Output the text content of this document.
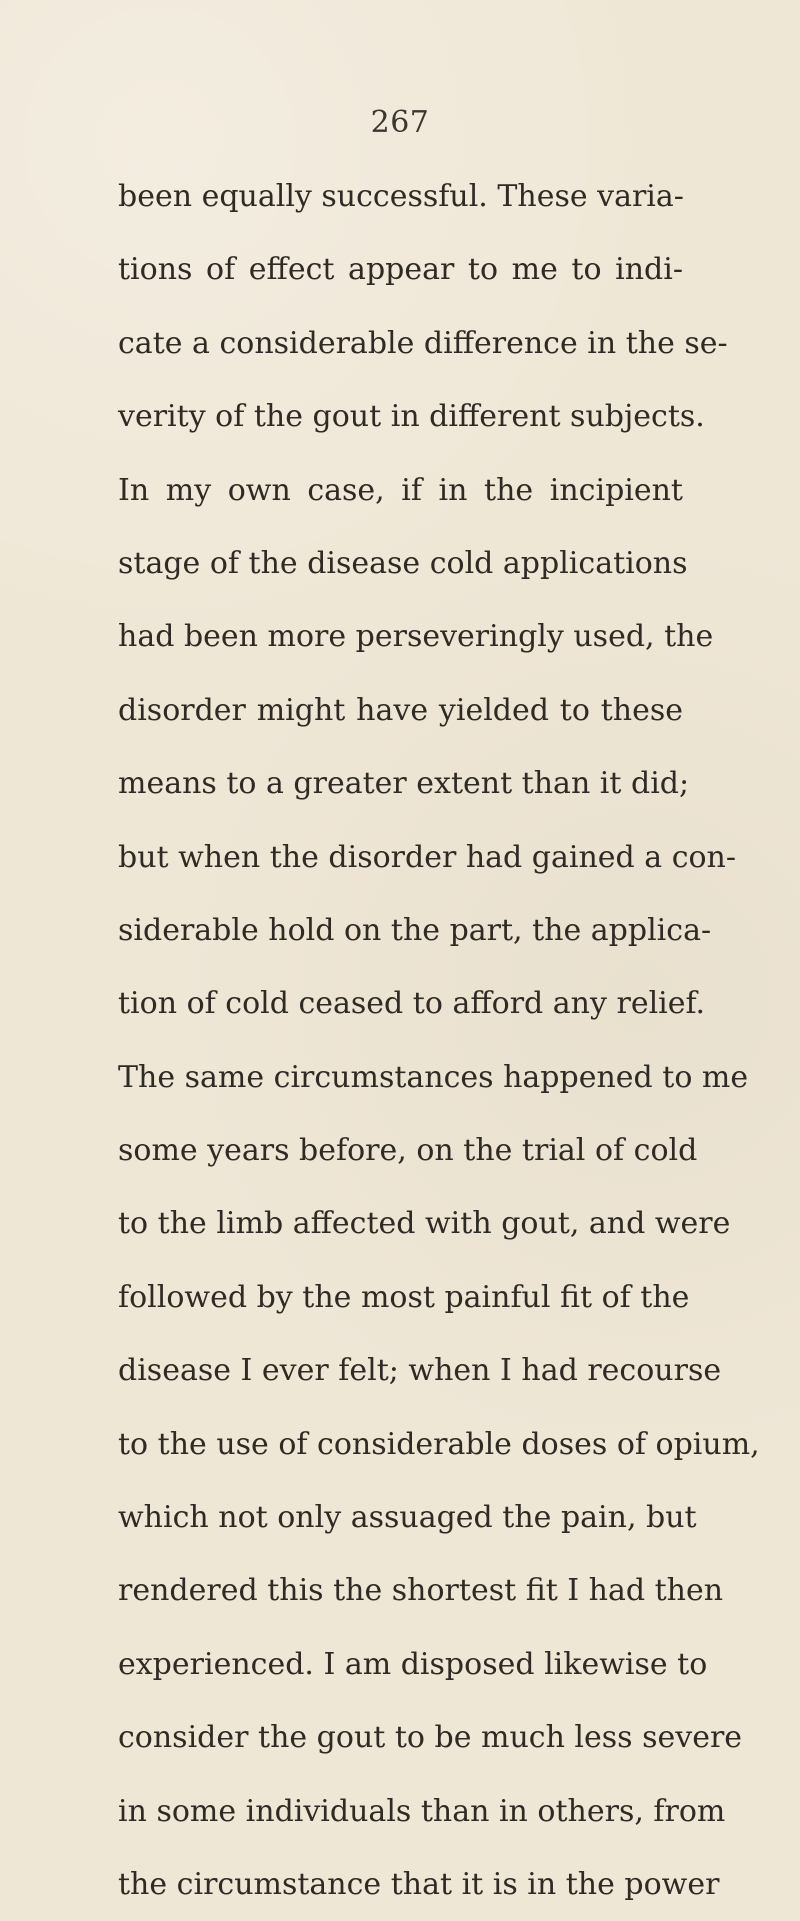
267
been equally successful. These varia-
tions of effect appear to me to indi-
cate a considerable difference in the se-
verity of the gout in different subjects.
In my own case, if in the incipient
stage of the disease cold applications
had been more perseveringly used, the
disorder might have yielded to these
means to a greater extent than it did;
but when the disorder had gained a con-
siderable hold on the part, the applica-
tion of cold ceased to afford any relief.
The same circumstances happened to me
some years before, on the trial of cold
to the limb affected with gout, and were
followed by the most painful fit of the
disease I ever felt; when I had recourse
to the use of considerable doses of opium,
which not only assuaged the pain, but
rendered this the shortest fit I had then
experienced. I am disposed likewise to
consider the gout to be much less severe
in some individuals than in others, from
the circumstance that it is in the power
